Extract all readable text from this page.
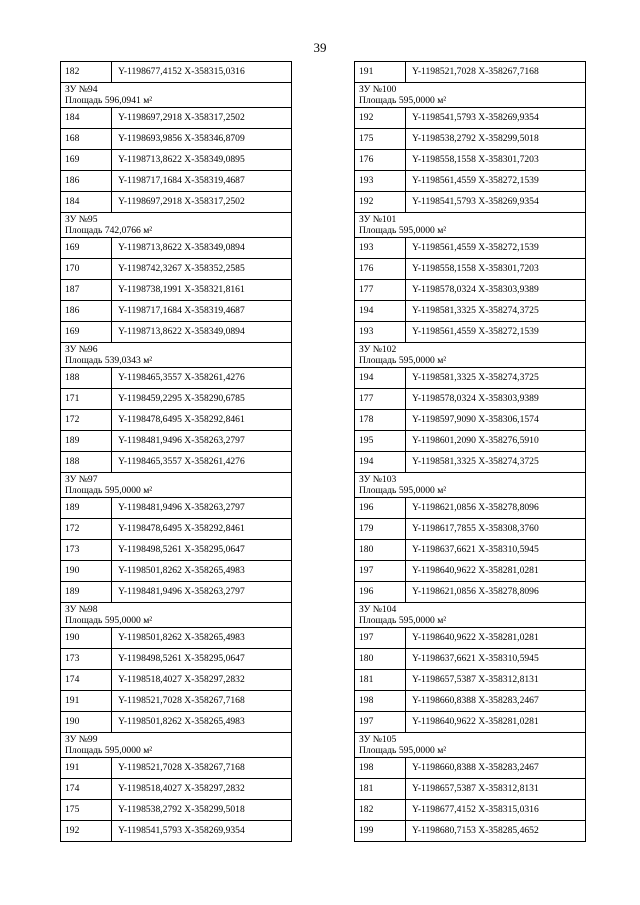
39
182	Y-1198677,4152 X-358315,0316

ЗУ №94
Площадь 596,0941 м²	

184	Y-1198697,2918 X-358317,2502
168	Y-1198693,9856 X-358346,8709
169	Y-1198713,8622 X-358349,0895
186	Y-1198717,1684 X-358319,4687
184	Y-1198697,2918 X-358317,2502

ЗУ №95
Площадь 742,0766 м²	

169	Y-1198713,8622 X-358349,0894
170	Y-1198742,3267 X-358352,2585
187	Y-1198738,1991 X-358321,8161
186	Y-1198717,1684 X-358319,4687
169	Y-1198713,8622 X-358349,0894

ЗУ №96
Площадь 539,0343 м²	

188	Y-1198465,3557 X-358261,4276
171	Y-1198459,2295 X-358290,6785
172	Y-1198478,6495 X-358292,8461
189	Y-1198481,9496 X-358263,2797
188	Y-1198465,3557 X-358261,4276

ЗУ №97
Площадь 595,0000 м²	

189	Y-1198481,9496 X-358263,2797
172	Y-1198478,6495 X-358292,8461
173	Y-1198498,5261 X-358295,0647
190	Y-1198501,8262 X-358265,4983
189	Y-1198481,9496 X-358263,2797

ЗУ №98
Площадь 595,0000 м²	

190	Y-1198501,8262 X-358265,4983
173	Y-1198498,5261 X-358295,0647
174	Y-1198518,4027 X-358297,2832
191	Y-1198521,7028 X-358267,7168
190	Y-1198501,8262 X-358265,4983

ЗУ №99
Площадь 595,0000 м²	

191	Y-1198521,7028 X-358267,7168
174	Y-1198518,4027 X-358297,2832
175	Y-1198538,2792 X-358299,5018
192	Y-1198541,5793 X-358269,9354
191	Y-1198521,7028 X-358267,7168

ЗУ №100
Площадь 595,0000 м²	

192	Y-1198541,5793 X-358269,9354
175	Y-1198538,2792 X-358299,5018
176	Y-1198558,1558 X-358301,7203
193	Y-1198561,4559 X-358272,1539
192	Y-1198541,5793 X-358269,9354

ЗУ №101
Площадь 595,0000 м²	

193	Y-1198561,4559 X-358272,1539
176	Y-1198558,1558 X-358301,7203
177	Y-1198578,0324 X-358303,9389
194	Y-1198581,3325 X-358274,3725
193	Y-1198561,4559 X-358272,1539

ЗУ №102
Площадь 595,0000 м²	

194	Y-1198581,3325 X-358274,3725
177	Y-1198578,0324 X-358303,9389
178	Y-1198597,9090 X-358306,1574
195	Y-1198601,2090 X-358276,5910
194	Y-1198581,3325 X-358274,3725

ЗУ №103
Площадь 595,0000 м²	

196	Y-1198621,0856 X-358278,8096
179	Y-1198617,7855 X-358308,3760
180	Y-1198637,6621 X-358310,5945
197	Y-1198640,9622 X-358281,0281
196	Y-1198621,0856 X-358278,8096

ЗУ №104
Площадь 595,0000 м²	

197	Y-1198640,9622 X-358281,0281
180	Y-1198637,6621 X-358310,5945
181	Y-1198657,5387 X-358312,8131
198	Y-1198660,8388 X-358283,2467
197	Y-1198640,9622 X-358281,0281

ЗУ №105
Площадь 595,0000 м²	

198	Y-1198660,8388 X-358283,2467
181	Y-1198657,5387 X-358312,8131
182	Y-1198677,4152 X-358315,0316
199	Y-1198680,7153 X-358285,4652
